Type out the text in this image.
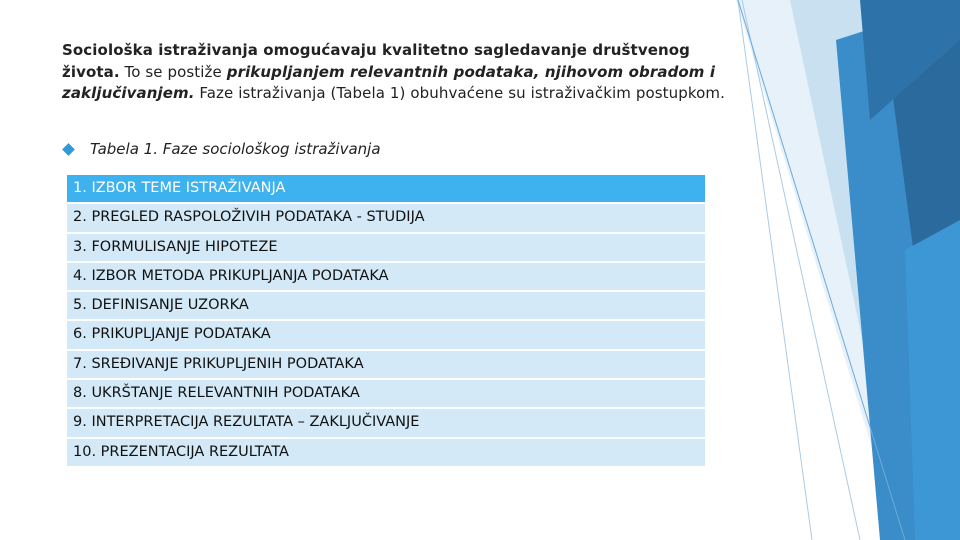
Sociološka istraživanja omogućavaju kvalitetno sagledavanje društvenog života. To se postiže prikupljanjem relevantnih podataka, njihovom obradom i zaključivanjem. Faze istraživanja (Tabela 1) obuhvaćene su istraživačkim postupkom.

Tabela 1. Faze sociološkog istraživanja
1. IZBOR TEME ISTRAŽIVANJA
2. PREGLED RASPOLOŽIVIH PODATAKA - STUDIJA
3. FORMULISANJE HIPOTEZE
4. IZBOR METODA PRIKUPLJANJA PODATAKA
5. DEFINISANJE UZORKA
6. PRIKUPLJANJE PODATAKA
7. SREĐIVANJE PRIKUPLJENIH PODATAKA
8. UKRŠTANJE RELEVANTNIH PODATAKA
9. INTERPRETACIJA REZULTATA – ZAKLJUČIVANJE
10. PREZENTACIJA REZULTATA
